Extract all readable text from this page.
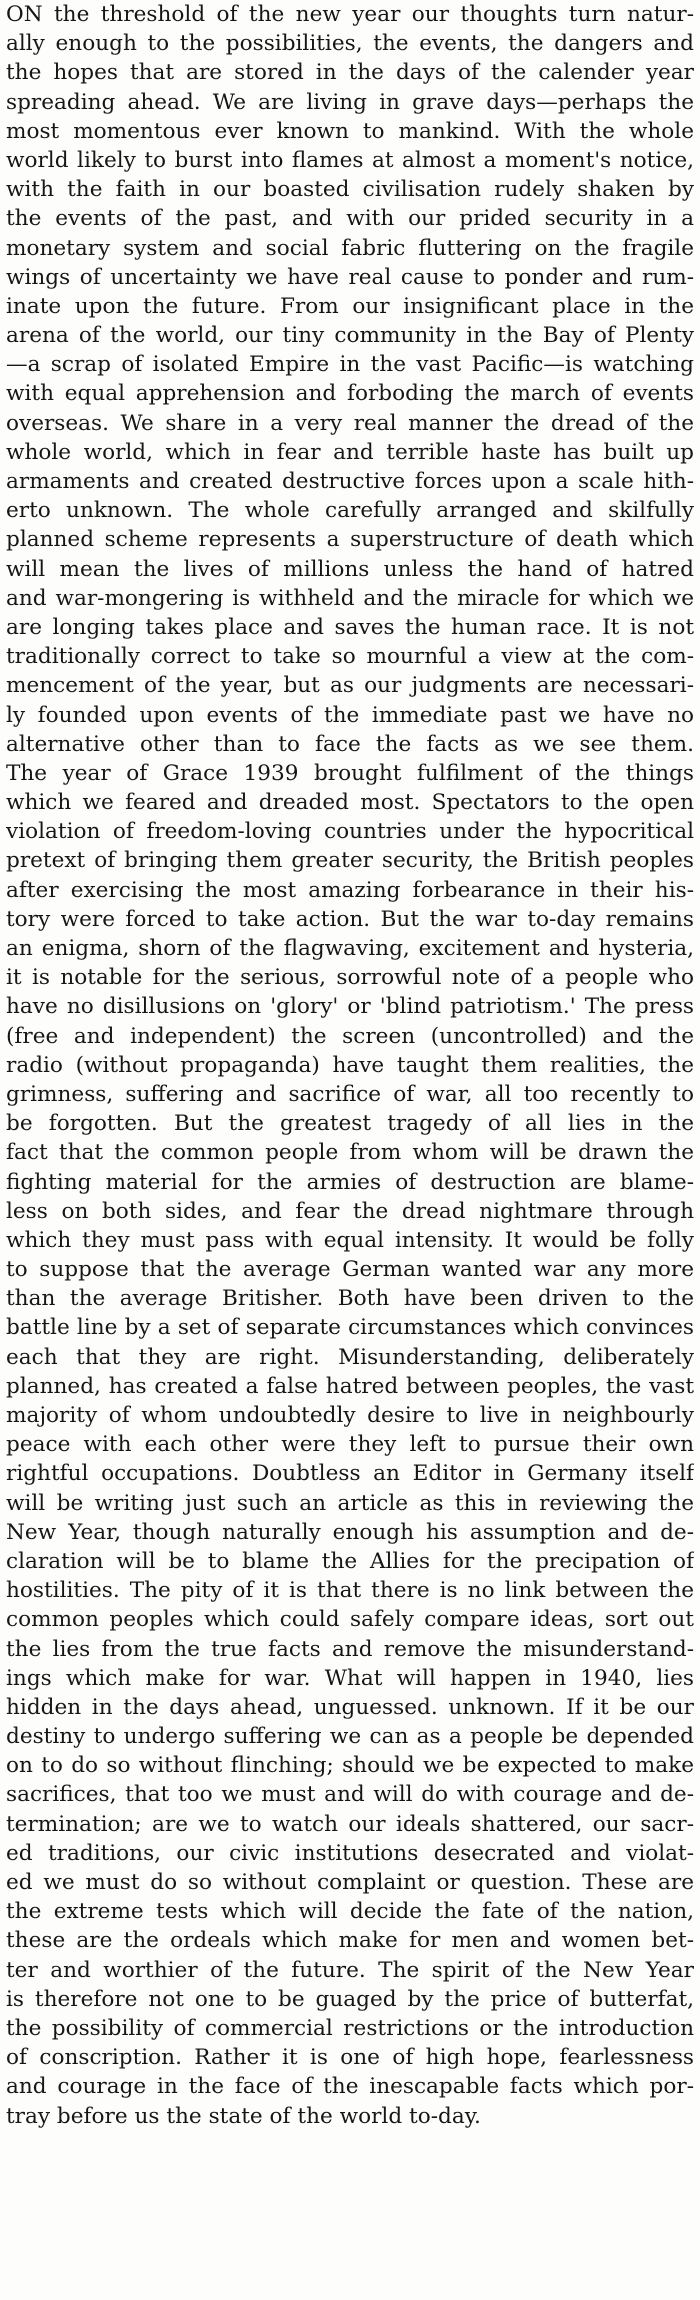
ON the threshold of the new year our thoughts turn natur-
ally enough to the possibilities, the events, the dangers and
the hopes that are stored in the days of the calender year
spreading ahead. We are living in grave days—perhaps the
most momentous ever known to mankind. With the whole
world likely to burst into flames at almost a moment's notice,
with the faith in our boasted civilisation rudely shaken by
the events of the past, and with our prided security in a
monetary system and social fabric fluttering on the fragile
wings of uncertainty we have real cause to ponder and rum-
inate upon the future. From our insignificant place in the
arena of the world, our tiny community in the Bay of Plenty
—a scrap of isolated Empire in the vast Pacific—is watching
with equal apprehension and forboding the march of events
overseas. We share in a very real manner the dread of the
whole world, which in fear and terrible haste has built up
armaments and created destructive forces upon a scale hith-
erto unknown. The whole carefully arranged and skilfully
planned scheme represents a superstructure of death which
will mean the lives of millions unless the hand of hatred
and war-mongering is withheld and the miracle for which we
are longing takes place and saves the human race. It is not
traditionally correct to take so mournful a view at the com-
mencement of the year, but as our judgments are necessari-
ly founded upon events of the immediate past we have no
alternative other than to face the facts as we see them.
The year of Grace 1939 brought fulfilment of the things
which we feared and dreaded most. Spectators to the open
violation of freedom-loving countries under the hypocritical
pretext of bringing them greater security, the British peoples
after exercising the most amazing forbearance in their his-
tory were forced to take action. But the war to-day remains
an enigma, shorn of the flagwaving, excitement and hysteria,
it is notable for the serious, sorrowful note of a people who
have no disillusions on 'glory' or 'blind patriotism.' The press
(free and independent) the screen (uncontrolled) and the
radio (without propaganda) have taught them realities, the
grimness, suffering and sacrifice of war, all too recently to
be forgotten. But the greatest tragedy of all lies in the
fact that the common people from whom will be drawn the
fighting material for the armies of destruction are blame-
less on both sides, and fear the dread nightmare through
which they must pass with equal intensity. It would be folly
to suppose that the average German wanted war any more
than the average Britisher. Both have been driven to the
battle line by a set of separate circumstances which convinces
each that they are right. Misunderstanding, deliberately
planned, has created a false hatred between peoples, the vast
majority of whom undoubtedly desire to live in neighbourly
peace with each other were they left to pursue their own
rightful occupations. Doubtless an Editor in Germany itself
will be writing just such an article as this in reviewing the
New Year, though naturally enough his assumption and de-
claration will be to blame the Allies for the precipation of
hostilities. The pity of it is that there is no link between the
common peoples which could safely compare ideas, sort out
the lies from the true facts and remove the misunderstand-
ings which make for war. What will happen in 1940, lies
hidden in the days ahead, unguessed. unknown. If it be our
destiny to undergo suffering we can as a people be depended
on to do so without flinching; should we be expected to make
sacrifices, that too we must and will do with courage and de-
termination; are we to watch our ideals shattered, our sacr-
ed traditions, our civic institutions desecrated and violat-
ed we must do so without complaint or question. These are
the extreme tests which will decide the fate of the nation,
these are the ordeals which make for men and women bet-
ter and worthier of the future. The spirit of the New Year
is therefore not one to be guaged by the price of butterfat,
the possibility of commercial restrictions or the introduction
of conscription. Rather it is one of high hope, fearlessness
and courage in the face of the inescapable facts which por-
tray before us the state of the world to-day.
